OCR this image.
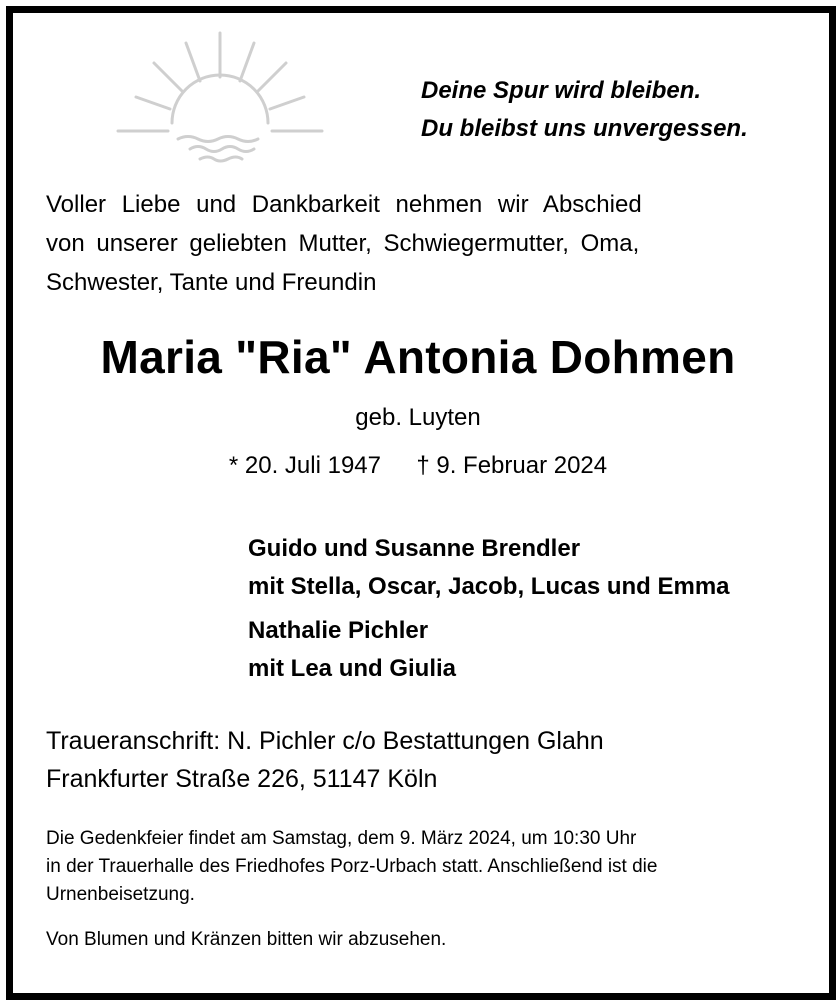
Deine Spur wird bleiben.
Du bleibst uns unvergessen.
Voller Liebe und Dankbarkeit nehmen wir Abschied
von unserer geliebten Mutter, Schwiegermutter, Oma,
Schwester, Tante und Freundin
Maria "Ria" Antonia Dohmen
geb. Luyten
* 20. Juli 1947 † 9. Februar 2024
Guido und Susanne Brendler
mit Stella, Oscar, Jacob, Lucas und Emma
Nathalie Pichler
mit Lea und Giulia
Traueranschrift: N. Pichler c/o Bestattungen Glahn
Frankfurter Straße 226, 51147 Köln
Die Gedenkfeier findet am Samstag, dem 9. März 2024, um 10:30 Uhr
in der Trauerhalle des Friedhofes Porz-Urbach statt. Anschließend ist die
Urnenbeisetzung.
Von Blumen und Kränzen bitten wir abzusehen.
